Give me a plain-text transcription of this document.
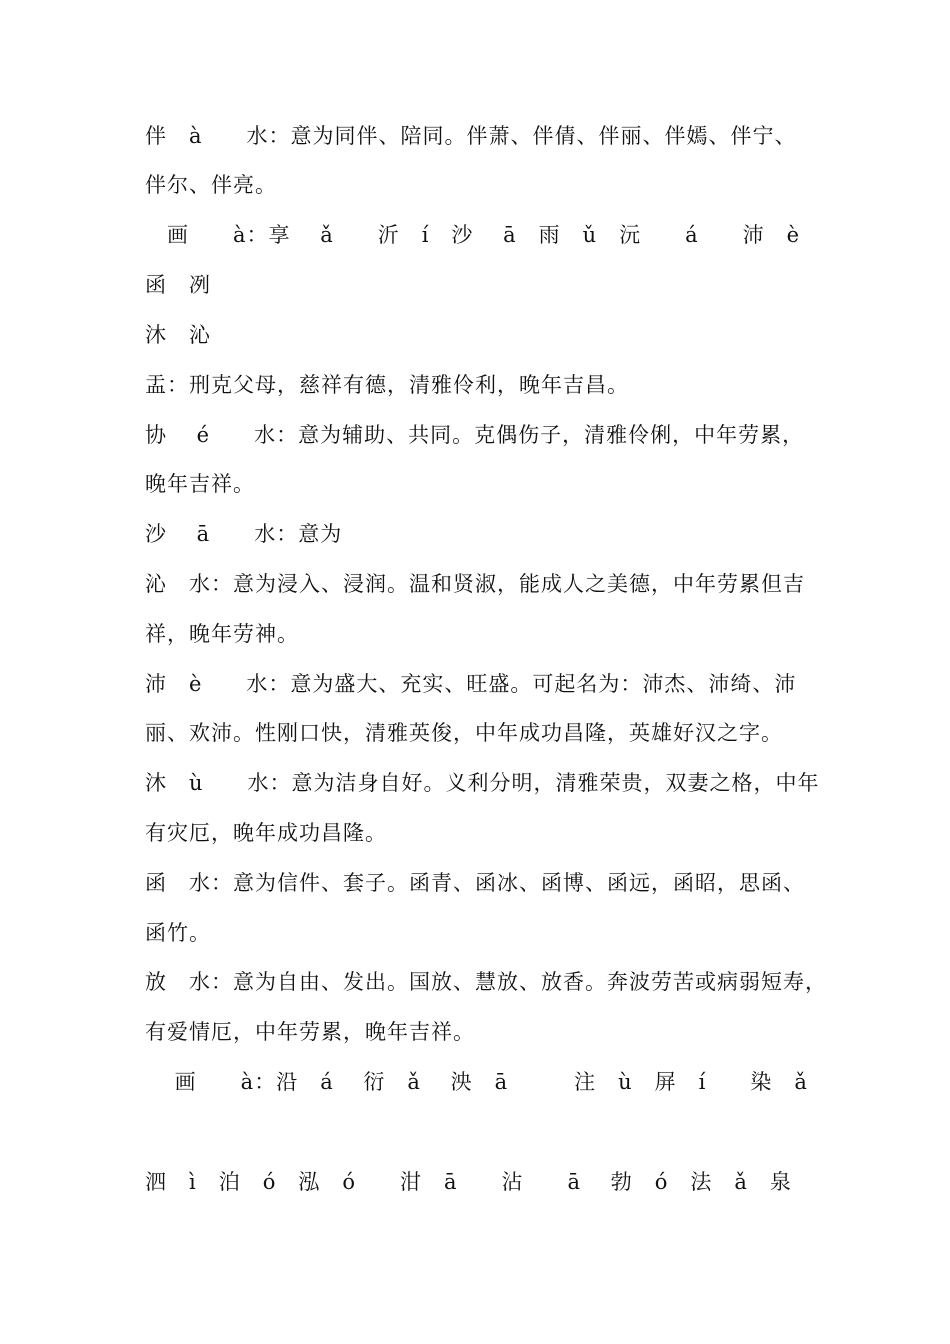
伴　à　　水：意为同伴、陪同。伴萧、伴倩、伴丽、伴嫣、伴宁、
伴尔、伴亮。
　画　　à：享　 ǎ　　沂　í　沙　 ā　雨　ǔ　沅　　á　　沛　è
函　冽
沐　沁
盂：刑克父母，慈祥有德，清雅伶利，晚年吉昌。
协　 é　　水：意为辅助、共同。克偶伤子，清雅伶俐，中年劳累，
晚年吉祥。
沙　 ā　　水：意为
沁　水：意为浸入、浸润。温和贤淑，能成人之美德，中年劳累但吉
祥，晚年劳神。
沛　è　　水：意为盛大、充实、旺盛。可起名为：沛杰、沛绮、沛
丽、欢沛。性刚口快，清雅英俊，中年成功昌隆，英雄好汉之字。
沐　ù　　水：意为洁身自好。义利分明，清雅荣贵，双妻之格，中年
有灾厄，晚年成功昌隆。
函　水：意为信件、套子。函青、函冰、函博、函远，函昭，思函、
函竹。
放　水：意为自由、发出。国放、慧放、放香。奔波劳苦或病弱短寿，
有爱情厄，中年劳累，晚年吉祥。
　 画　　à：沿　á　 衍　ǎ　 泱　ā　　　注　ù　屏　í　　染　ǎ
泗　ì　泊　ó　泓　ó　　泔　ā　　沾　　ā　 勃　ó　法　ǎ　泉
